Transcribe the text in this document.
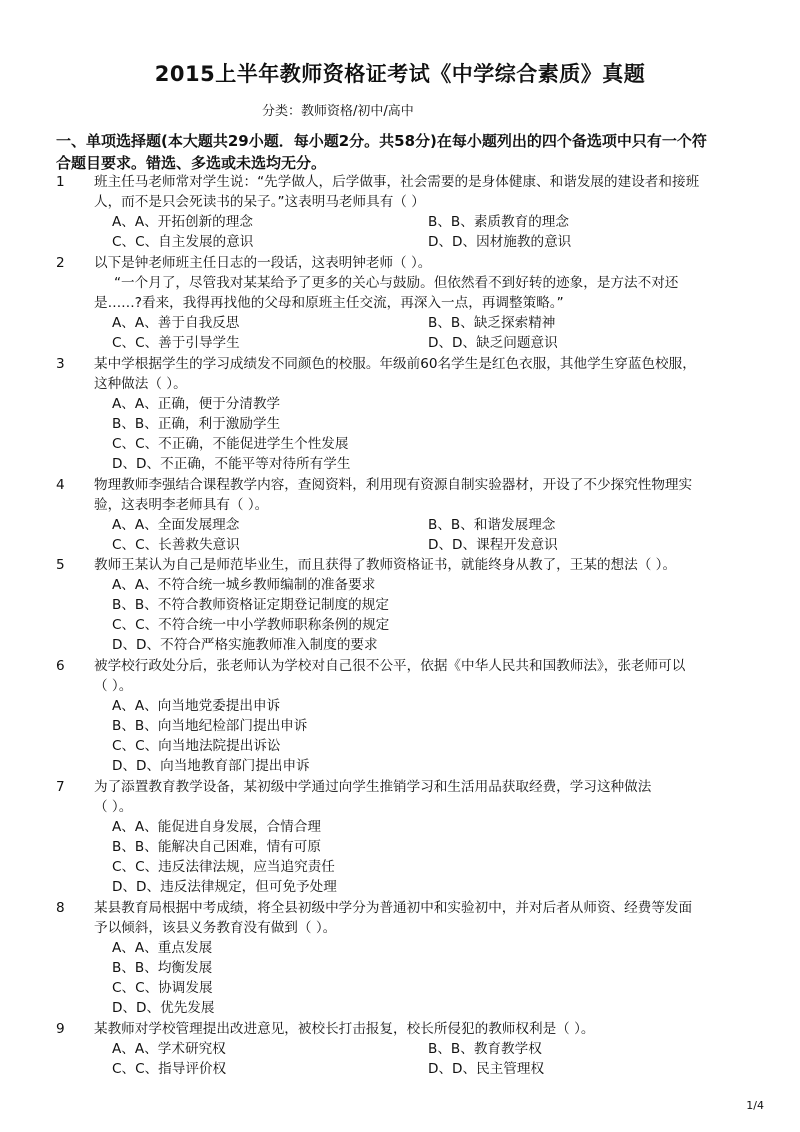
2015上半年教师资格证考试《中学综合素质》真题
分类：教师资格/初中/高中
一、单项选择题(本大题共29小题．每小题2分。共58分)在每小题列出的四个备选项中只有一个符
合题目要求。错选、多选或未选均无分。
1	班主任马老师常对学生说：“先学做人，后学做事，社会需要的是身体健康、和谐发展的建设者和接班
人，而不是只会死读书的呆子。”这表明马老师具有（ ）
A、A、开拓创新的理念	B、B、素质教育的理念
C、C、自主发展的意识	D、D、因材施教的意识
2	以下是钟老师班主任日志的一段话，这表明钟老师（ ）。
“一个月了，尽管我对某某给予了更多的关心与鼓励。但依然看不到好转的迹象，是方法不对还
是……?看来，我得再找他的父母和原班主任交流，再深入一点，再调整策略。”
A、A、善于自我反思	B、B、缺乏探索精神
C、C、善于引导学生	D、D、缺乏问题意识
3	某中学根据学生的学习成绩发不同颜色的校服。年级前60名学生是红色衣服，其他学生穿蓝色校服，
这种做法（ ）。
A、A、正确，便于分清教学
B、B、正确，利于激励学生
C、C、不正确，不能促进学生个性发展
D、D、不正确，不能平等对待所有学生
4	物理教师李强结合课程教学内容，查阅资料，利用现有资源自制实验器材，开设了不少探究性物理实
验，这表明李老师具有（ ）。
A、A、全面发展理念	B、B、和谐发展理念
C、C、长善救失意识	D、D、课程开发意识
5	教师王某认为自己是师范毕业生，而且获得了教师资格证书，就能终身从教了，王某的想法（ ）。
A、A、不符合统一城乡教师编制的准备要求
B、B、不符合教师资格证定期登记制度的规定
C、C、不符合统一中小学教师职称条例的规定
D、D、不符合严格实施教师准入制度的要求
6	被学校行政处分后，张老师认为学校对自己很不公平，依据《中华人民共和国教师法》，张老师可以
（ ）。
A、A、向当地党委提出申诉
B、B、向当地纪检部门提出申诉
C、C、向当地法院提出诉讼
D、D、向当地教育部门提出申诉
7	为了添置教育教学设备，某初级中学通过向学生推销学习和生活用品获取经费，学习这种做法
（ ）。
A、A、能促进自身发展，合情合理
B、B、能解决自己困难，情有可原
C、C、违反法律法规，应当追究责任
D、D、违反法律规定，但可免予处理
8	某县教育局根据中考成绩，将全县初级中学分为普通初中和实验初中，并对后者从师资、经费等发面
予以倾斜，该县义务教育没有做到（ ）。
A、A、重点发展
B、B、均衡发展
C、C、协调发展
D、D、优先发展
9	某教师对学校管理提出改进意见，被校长打击报复，校长所侵犯的教师权利是（ ）。
A、A、学术研究权	B、B、教育教学权
C、C、指导评价权	D、D、民主管理权
1/4
